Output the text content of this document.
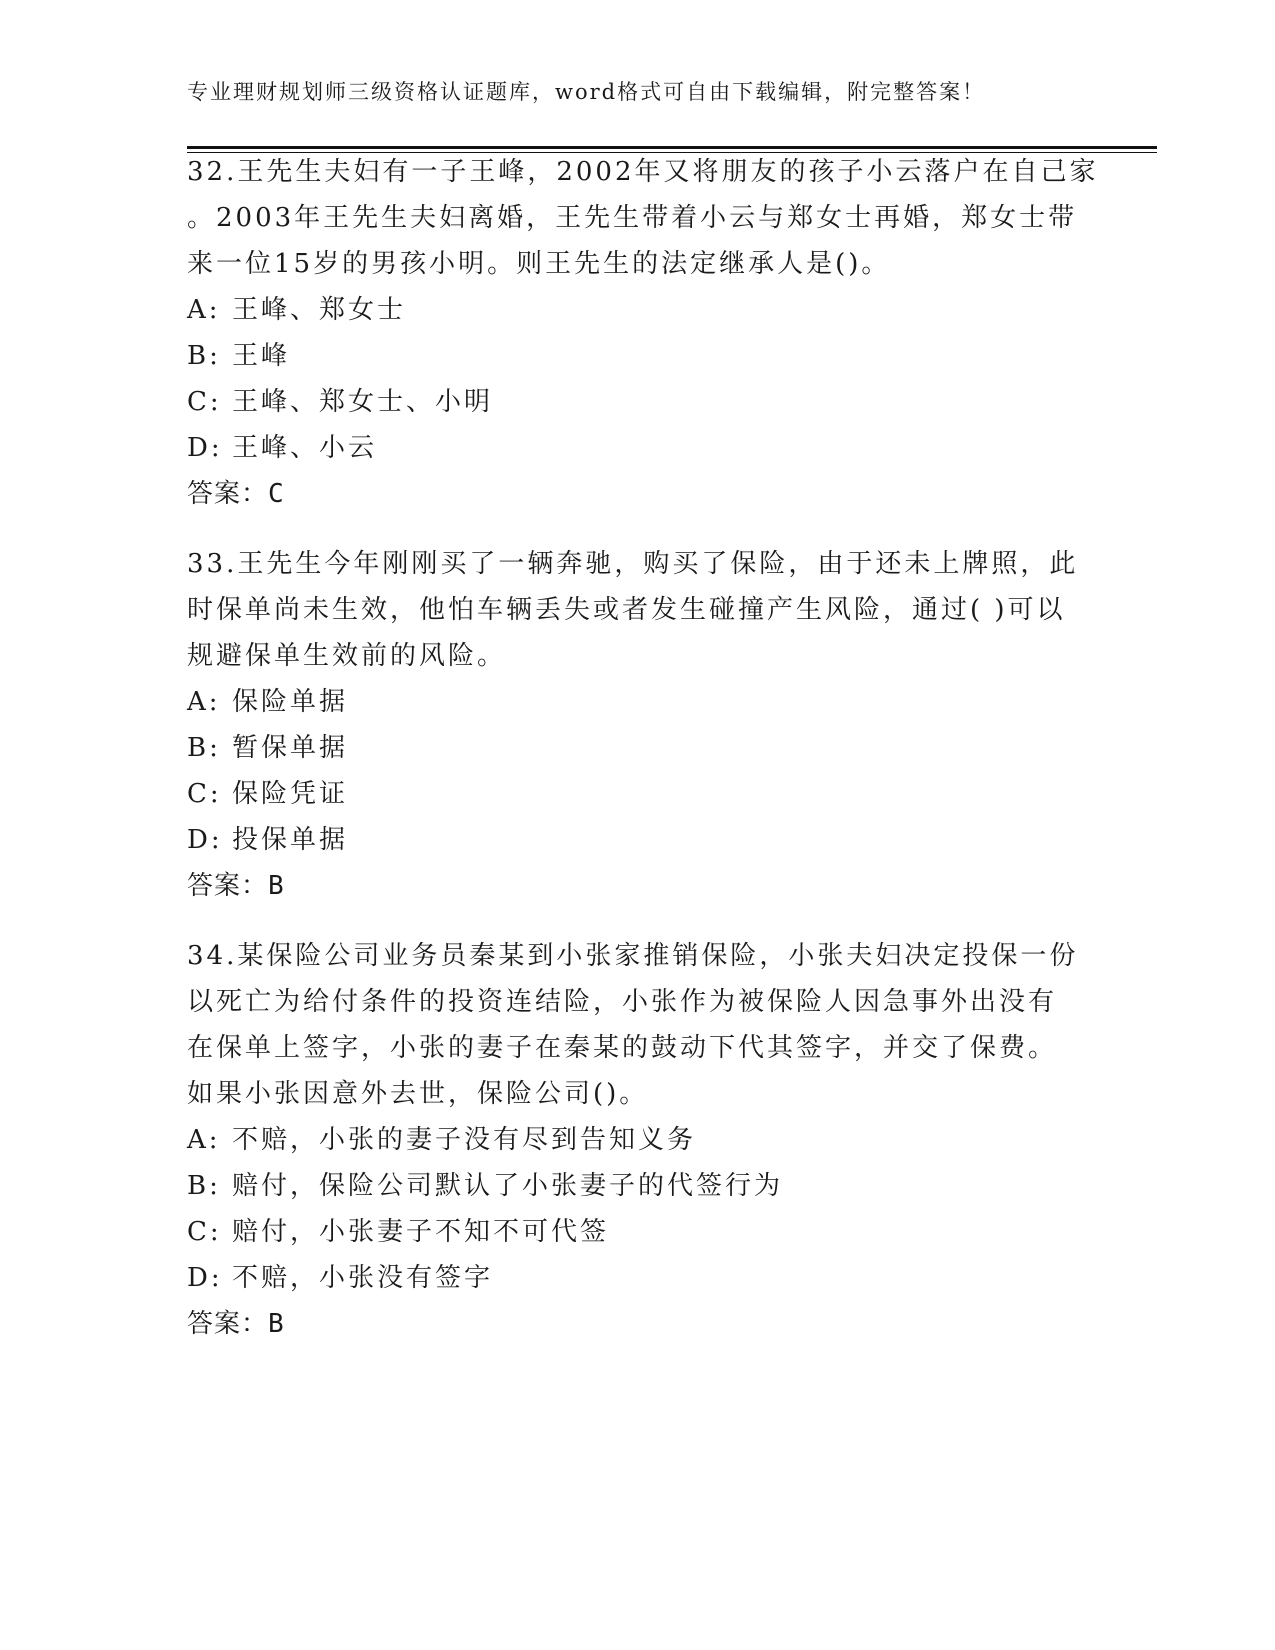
专业理财规划师三级资格认证题库，word格式可自由下载编辑，附完整答案！
32.王先生夫妇有一子王峰，2002年又将朋友的孩子小云落户在自己家
。2003年王先生夫妇离婚，王先生带着小云与郑女士再婚，郑女士带
来一位15岁的男孩小明。则王先生的法定继承人是()。
A: 王峰、郑女士
B: 王峰
C: 王峰、郑女士、小明
D: 王峰、小云
答案：C
33.王先生今年刚刚买了一辆奔驰，购买了保险，由于还未上牌照，此
时保单尚未生效，他怕车辆丢失或者发生碰撞产生风险，通过( )可以
规避保单生效前的风险。
A: 保险单据
B: 暂保单据
C: 保险凭证
D: 投保单据
答案：B
34.某保险公司业务员秦某到小张家推销保险，小张夫妇决定投保一份
以死亡为给付条件的投资连结险，小张作为被保险人因急事外出没有
在保单上签字，小张的妻子在秦某的鼓动下代其签字，并交了保费。
如果小张因意外去世，保险公司()。
A: 不赔，小张的妻子没有尽到告知义务
B: 赔付，保险公司默认了小张妻子的代签行为
C: 赔付，小张妻子不知不可代签
D: 不赔，小张没有签字
答案：B
